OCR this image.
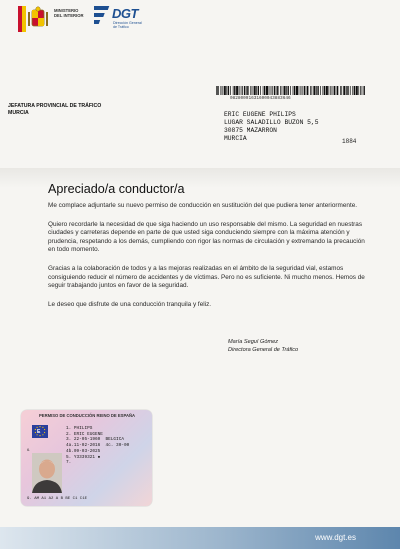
MINISTERIO
DEL INTERIOR	DGT
Dirección General
de Tráfico
08280091631600043883646
JEFATURA PROVINCIAL DE TRÁFICO
MURCIA	ERIC EUGENE PHILIPS
LUGAR SALADILLO BUZON 5,5
30875 MAZARRON
MURCIA	1884
Apreciado/a conductor/a

Me complace adjuntarle su nuevo permiso de conducción en sustitución del que pudiera tener anteriormente.

Quiero recordarle la necesidad de que siga haciendo un uso responsable del mismo. La seguridad en nuestras ciudades y carreteras depende en parte de que usted siga conduciendo siempre con la máxima atención y prudencia, respetando a los demás, cumpliendo con rigor las normas de circulación y extremando la precaución en todo momento.

Gracias a la colaboración de todos y a las mejoras realizadas en el ámbito de la seguridad vial, estamos consiguiendo reducir el número de accidentes y de víctimas. Pero no es suficiente. Ni mucho menos. Hemos de seguir trabajando juntos en favor de la seguridad.

Le deseo que disfrute de una conducción tranquila y feliz.

María Seguí Gómez
Directora General de Tráfico
PERMISO DE CONDUCCIÓN REINO DE ESPAÑA
E
6.
1. PHILIPS
2. ERIC EUGENE
3. 22-05-1960  BELGICA
4a.11-02-2016  4c. 30-00
4b.09-03-2025
5. Y3339321 ●
7.
9. AM A1 A2 A B BE C1 C1E
www.dgt.es
